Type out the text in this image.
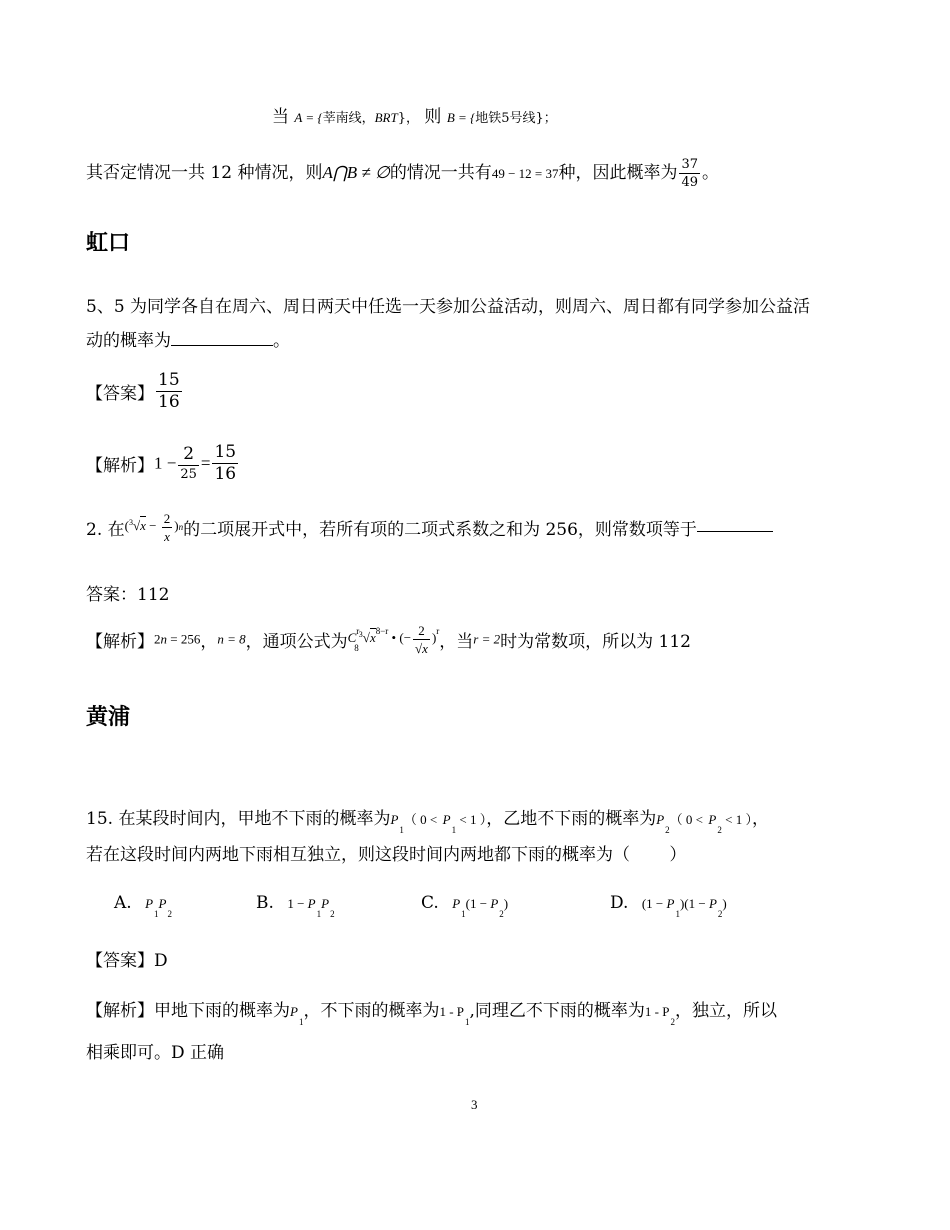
当 A = {莘南线，BRT}， 则 B = {地铁5号线}；
其否定情况一共 12 种情况，则A⋂B ≠ ∅的情况一共有49 − 12 = 37种，因此概率为 $\frac{37}{49}$ 。
虹口
5、5 为同学各自在周六、周日两天中任选一天参加公益活动，则周六、周日都有同学参加公益活
动的概率为	。
【答案】 $\frac{15}{16}$
【解析】$1 - \frac{2}{25} = \frac{15}{16}$
2. 在$(^3√x - \frac{2}{x} )n$的二项展开式中，若所有项的二项式系数之和为 256，则常数项等于
答案：112
【解析】2n = 256，n = 8，通项公式为$C^r_8^3√x^{8-r}$ • (− $\frac{2}{√x} )^r$，当r = 2时为常数项，所以为 112
黄浦
15. 在某段时间内，甲地不下雨的概率为$P_1$（ $0 < P_1 < 1$ ），乙地不下雨的概率为$P_2$（ $0 < P_2 < 1$ ），
若在这段时间内两地下雨相互独立，则这段时间内两地都下雨的概率为（　　 ）
A. $P_1P_2$
B. $1 - P_1P_2$
C. $P_1(1 - P_2)$	D. $(1 - P_1)(1 - P_2)$
【答案】D
【解析】甲地下雨的概率为$P_1$，不下雨的概率为$1 - P_1$,同理乙不下雨的概率为$1 - P_2$，独立，所以
相乘即可。D 正确
3
